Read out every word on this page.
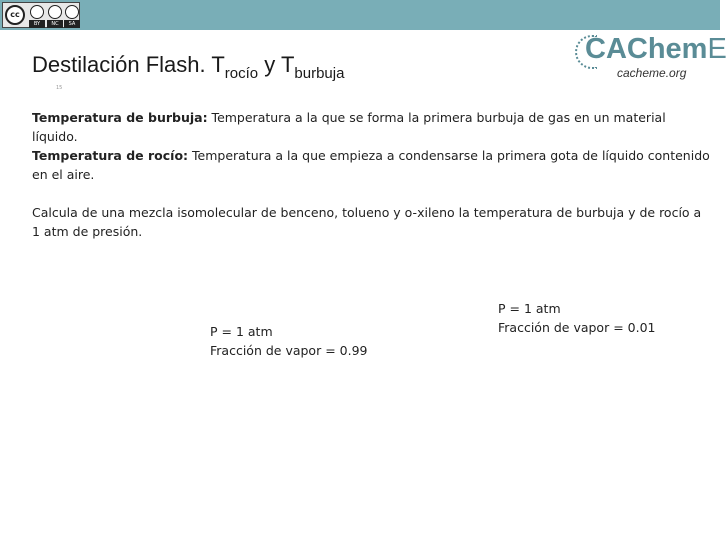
cc
BY	NC	SA
Destilación Flash. $T_{rocío}$ y $T_{burbuja}$
CAChemE
cacheme.org
15

Temperatura de burbuja: Temperatura a la que se forma la primera burbuja de gas en un material líquido.

Temperatura de rocío: Temperatura a la que empieza a condensarse la primera gota de líquido contenido en el aire.

Calcula de una mezcla isomolecular de benceno, tolueno y o-xileno la temperatura de burbuja y de rocío a 1 atm de presión.

P = 1 atm
Fracción de vapor = 0.99
P = 1 atm
Fracción de vapor = 0.01
